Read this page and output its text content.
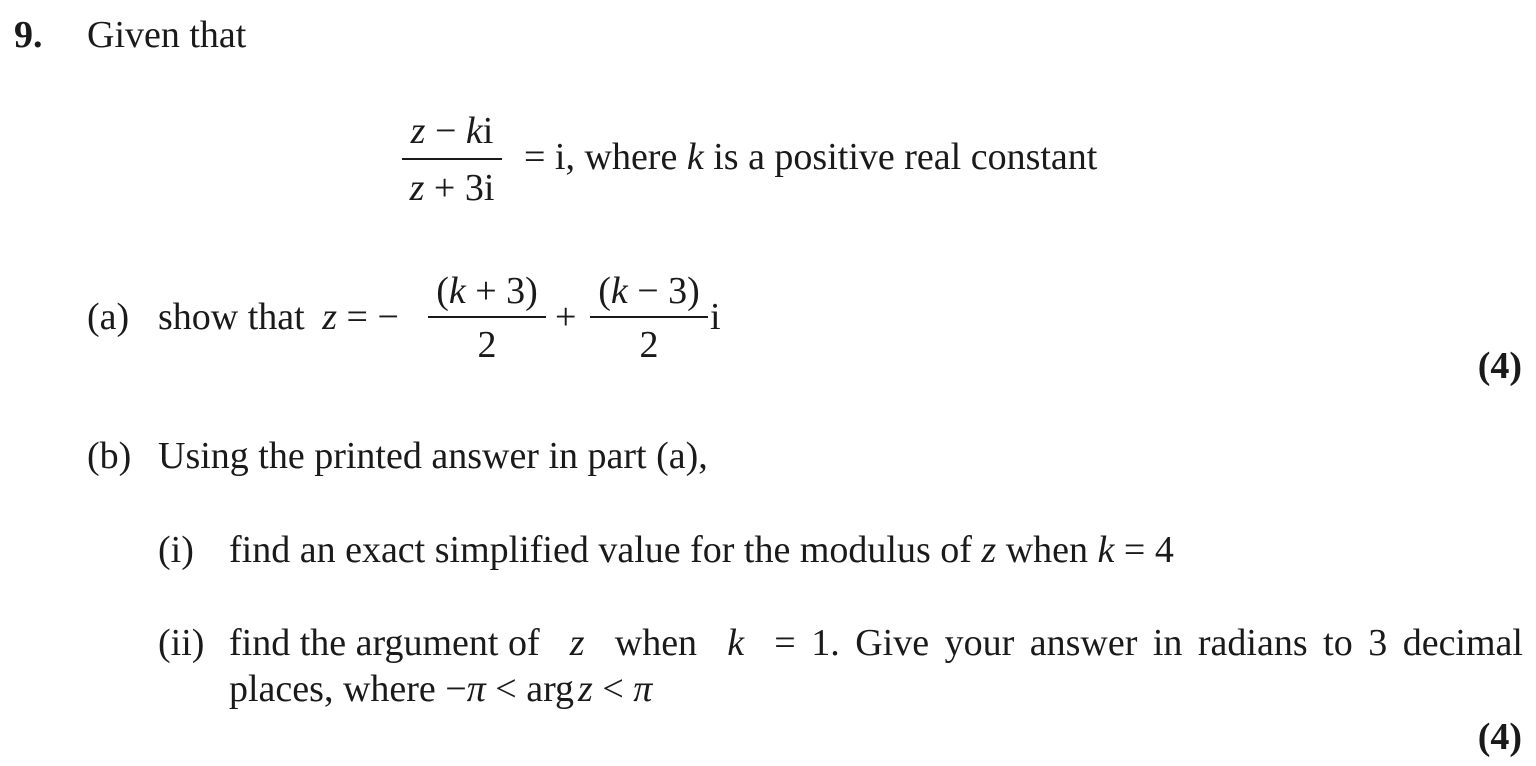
9. Given that
z − ki
z + 3i
= i, where k is a positive real constant
(a) show that z = −
(k + 3)
2
+
(k − 3)
2
i
(4)
(b) Using the printed answer in part (a),
(i) find an exact simplified value for the modulus of z when k = 4
(ii) find the argument of z when k = 1. Give your answer in radians to 3 decimal
places, where −π < arg z < π
(4)
